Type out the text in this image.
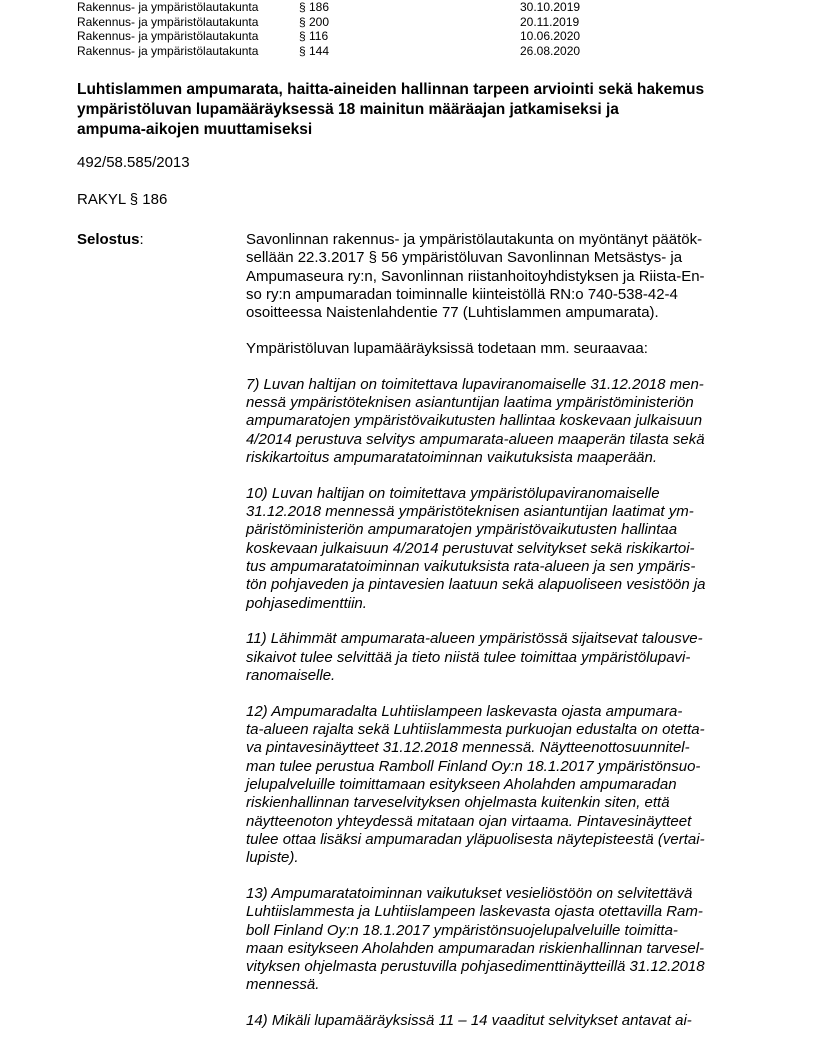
Rakennus- ja ympäristölautakunta	§ 186	30.10.2019
Rakennus- ja ympäristölautakunta	§ 200	20.11.2019
Rakennus- ja ympäristölautakunta	§ 116	10.06.2020
Rakennus- ja ympäristölautakunta	§ 144	26.08.2020
Luhtislammen ampumarata, haitta-aineiden hallinnan tarpeen arviointi sekä hakemus
ympäristöluvan lupamääräyksessä 18 mainitun määräajan jatkamiseksi ja
ampuma-aikojen muuttamiseksi
492/58.585/2013
RAKYL § 186
Selostus:	Savonlinnan rakennus- ja ympäristölautakunta on myöntänyt päätök-
sellään 22.3.2017 § 56 ympäristöluvan Savonlinnan Metsästys- ja
Ampumaseura ry:n, Savonlinnan riistanhoitoyhdistyksen ja Riista-En-
so ry:n ampumaradan toiminnalle kiinteistöllä RN:o 740-538-42-4
osoitteessa Naistenlahdentie 77 (Luhtislammen ampumarata).

Ympäristöluvan lupamääräyksissä todetaan mm. seuraavaa:

7) Luvan haltijan on toimitettava lupaviranomaiselle 31.12.2018 men-
nessä ympäristöteknisen asiantuntijan laatima ympäristöministeriön
ampumaratojen ympäristövaikutusten hallintaa koskevaan julkaisuun
4/2014 perustuva selvitys ampumarata-alueen maaperän tilasta sekä
riskikartoitus ampumaratatoiminnan vaikutuksista maaperään.

10) Luvan haltijan on toimitettava ympäristölupaviranomaiselle
31.12.2018 mennessä ympäristöteknisen asiantuntijan laatimat ym-
päristöministeriön ampumaratojen ympäristövaikutusten hallintaa
koskevaan julkaisuun 4/2014 perustuvat selvitykset sekä riskikartoi-
tus ampumaratatoiminnan vaikutuksista rata-alueen ja sen ympäris-
tön pohjaveden ja pintavesien laatuun sekä alapuoliseen vesistöön ja
pohjasedimenttiin.

11) Lähimmät ampumarata-alueen ympäristössä sijaitsevat talousve-
sikaivot tulee selvittää ja tieto niistä tulee toimittaa ympäristölupavi-
ranomaiselle.

12) Ampumaradalta Luhtiislampeen laskevasta ojasta ampumara-
ta-alueen rajalta sekä Luhtiislammesta purkuojan edustalta on otetta-
va pintavesinäytteet 31.12.2018 mennessä. Näytteenottosuunnitel-
man tulee perustua Ramboll Finland Oy:n 18.1.2017 ympäristönsuo-
jelupalveluille toimittamaan esitykseen Aholahden ampumaradan
riskienhallinnan tarveselvityksen ohjelmasta kuitenkin siten, että
näytteenoton yhteydessä mitataan ojan virtaama. Pintavesinäytteet
tulee ottaa lisäksi ampumaradan yläpuolisesta näytepisteestä (vertai-
lupiste).

13) Ampumaratatoiminnan vaikutukset vesieliöstöön on selvitettävä
Luhtiislammesta ja Luhtiislampeen laskevasta ojasta otettavilla Ram-
boll Finland Oy:n 18.1.2017 ympäristönsuojelupalveluille toimitta-
maan esitykseen Aholahden ampumaradan riskienhallinnan tarvesel-
vityksen ohjelmasta perustuvilla pohjasedimenttinäytteillä 31.12.2018
mennessä.

14) Mikäli lupamääräyksissä 11 – 14 vaaditut selvitykset antavat ai-
